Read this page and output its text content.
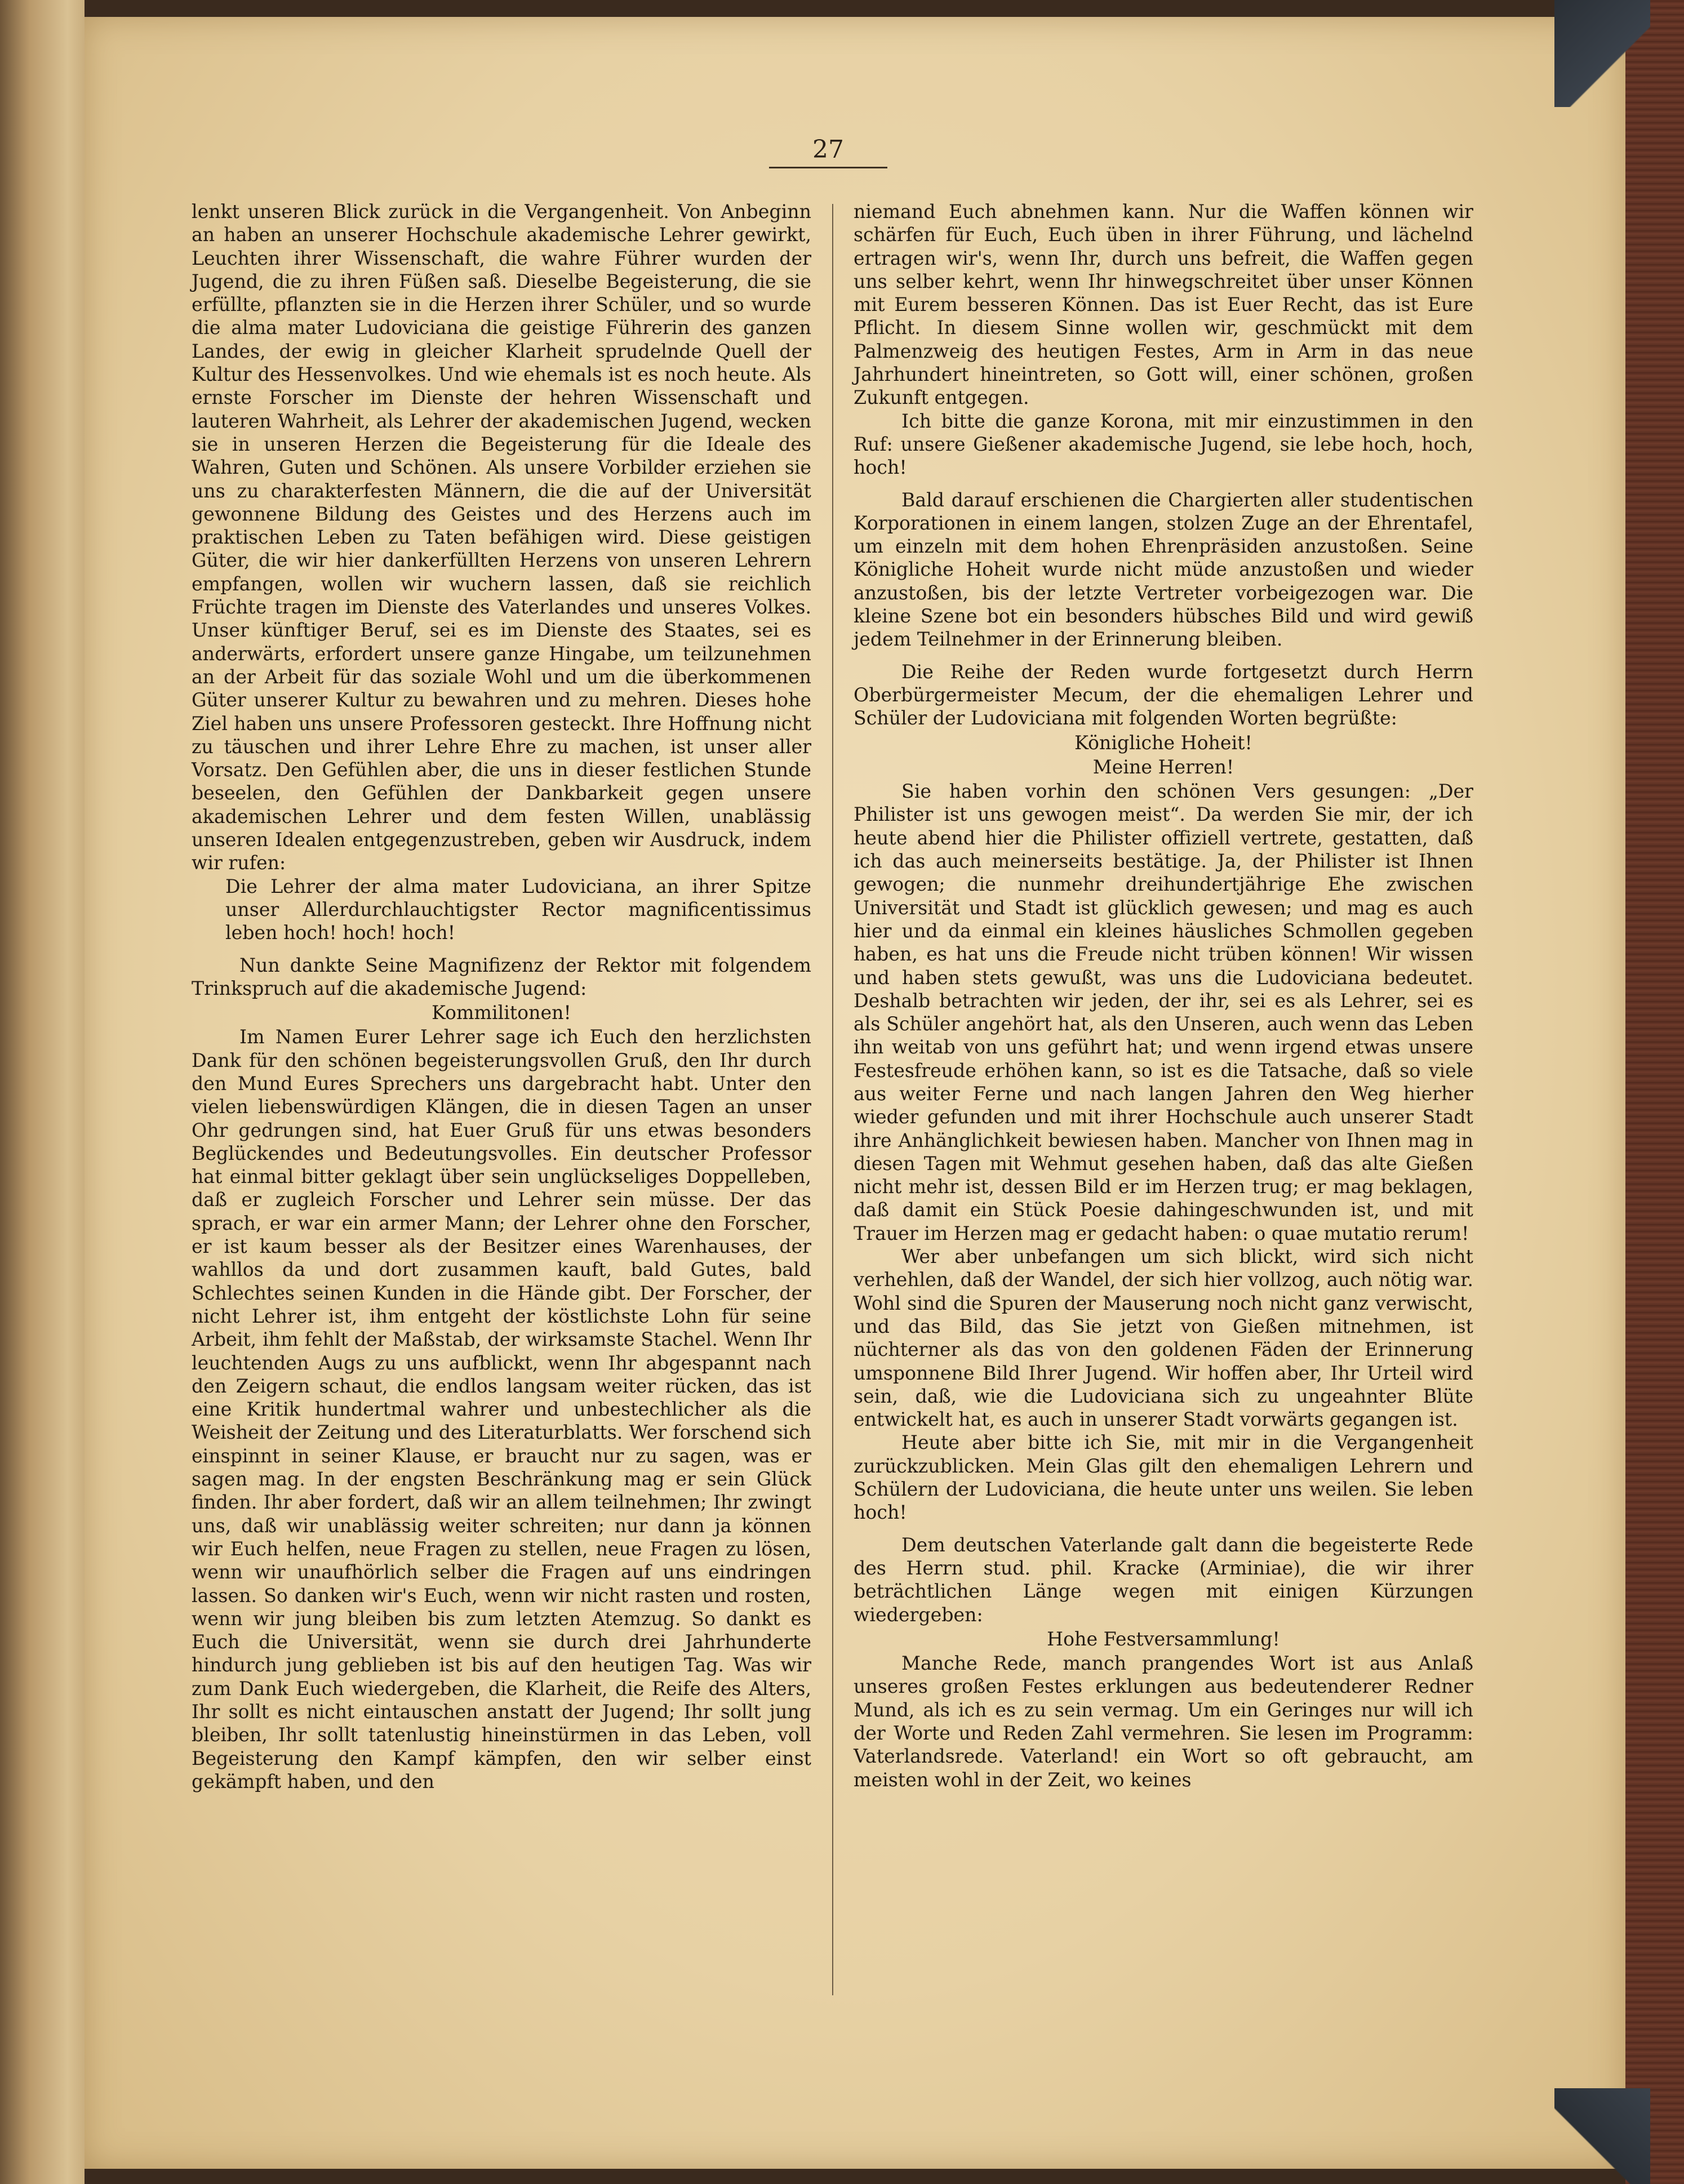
27

lenkt unseren Blick zurück in die Vergangenheit. Von Anbeginn an haben an unserer Hochschule akademische Lehrer gewirkt, Leuchten ihrer Wissenschaft, die wahre Führer wurden der Jugend, die zu ihren Füßen saß. Dieselbe Begeisterung, die sie erfüllte, pflanzten sie in die Herzen ihrer Schüler, und so wurde die alma mater Ludoviciana die geistige Führerin des ganzen Landes, der ewig in gleicher Klarheit sprudelnde Quell der Kultur des Hessenvolkes. Und wie ehemals ist es noch heute. Als ernste Forscher im Dienste der hehren Wissenschaft und lauteren Wahrheit, als Lehrer der akademischen Jugend, wecken sie in unseren Herzen die Begeisterung für die Ideale des Wahren, Guten und Schönen. Als unsere Vorbilder erziehen sie uns zu charakterfesten Männern, die die auf der Universität gewonnene Bildung des Geistes und des Herzens auch im praktischen Leben zu Taten befähigen wird. Diese geistigen Güter, die wir hier dankerfüllten Herzens von unseren Lehrern empfangen, wollen wir wuchern lassen, daß sie reichlich Früchte tragen im Dienste des Vaterlandes und unseres Volkes. Unser künftiger Beruf, sei es im Dienste des Staates, sei es anderwärts, erfordert unsere ganze Hingabe, um teilzunehmen an der Arbeit für das soziale Wohl und um die überkommenen Güter unserer Kultur zu bewahren und zu mehren. Dieses hohe Ziel haben uns unsere Professoren gesteckt. Ihre Hoffnung nicht zu täuschen und ihrer Lehre Ehre zu machen, ist unser aller Vorsatz. Den Gefühlen aber, die uns in dieser festlichen Stunde beseelen, den Gefühlen der Dankbarkeit gegen unsere akademischen Lehrer und dem festen Willen, unablässig unseren Idealen entgegenzustreben, geben wir Ausdruck, indem wir rufen:

Die Lehrer der alma mater Ludoviciana, an ihrer Spitze unser Allerdurchlauchtigster Rector magnificentissimus leben hoch! hoch! hoch!

Nun dankte Seine Magnifizenz der Rektor mit folgendem Trinkspruch auf die akademische Jugend:

Kommilitonen!

Im Namen Eurer Lehrer sage ich Euch den herzlichsten Dank für den schönen begeisterungsvollen Gruß, den Ihr durch den Mund Eures Sprechers uns dargebracht habt. Unter den vielen liebenswürdigen Klängen, die in diesen Tagen an unser Ohr gedrungen sind, hat Euer Gruß für uns etwas besonders Beglückendes und Bedeutungsvolles. Ein deutscher Professor hat einmal bitter geklagt über sein unglückseliges Doppelleben, daß er zugleich Forscher und Lehrer sein müsse. Der das sprach, er war ein armer Mann; der Lehrer ohne den Forscher, er ist kaum besser als der Besitzer eines Warenhauses, der wahllos da und dort zusammen kauft, bald Gutes, bald Schlechtes seinen Kunden in die Hände gibt. Der Forscher, der nicht Lehrer ist, ihm entgeht der köstlichste Lohn für seine Arbeit, ihm fehlt der Maßstab, der wirksamste Stachel. Wenn Ihr leuchtenden Augs zu uns aufblickt, wenn Ihr abgespannt nach den Zeigern schaut, die endlos langsam weiter rücken, das ist eine Kritik hundertmal wahrer und unbestechlicher als die Weisheit der Zeitung und des Literaturblatts. Wer forschend sich einspinnt in seiner Klause, er braucht nur zu sagen, was er sagen mag. In der engsten Beschränkung mag er sein Glück finden. Ihr aber fordert, daß wir an allem teilnehmen; Ihr zwingt uns, daß wir unablässig weiter schreiten; nur dann ja können wir Euch helfen, neue Fragen zu stellen, neue Fragen zu lösen, wenn wir unaufhörlich selber die Fragen auf uns eindringen lassen. So danken wir's Euch, wenn wir nicht rasten und rosten, wenn wir jung bleiben bis zum letzten Atemzug. So dankt es Euch die Universität, wenn sie durch drei Jahrhunderte hindurch jung geblieben ist bis auf den heutigen Tag. Was wir zum Dank Euch wiedergeben, die Klarheit, die Reife des Alters, Ihr sollt es nicht eintauschen anstatt der Jugend; Ihr sollt jung bleiben, Ihr sollt tatenlustig hineinstürmen in das Leben, voll Begeisterung den Kampf kämpfen, den wir selber einst gekämpft haben, und den

niemand Euch abnehmen kann. Nur die Waffen können wir schärfen für Euch, Euch üben in ihrer Führung, und lächelnd ertragen wir's, wenn Ihr, durch uns befreit, die Waffen gegen uns selber kehrt, wenn Ihr hinwegschreitet über unser Können mit Eurem besseren Können. Das ist Euer Recht, das ist Eure Pflicht. In diesem Sinne wollen wir, geschmückt mit dem Palmenzweig des heutigen Festes, Arm in Arm in das neue Jahrhundert hineintreten, so Gott will, einer schönen, großen Zukunft entgegen.

Ich bitte die ganze Korona, mit mir einzustimmen in den Ruf: unsere Gießener akademische Jugend, sie lebe hoch, hoch, hoch!

Bald darauf erschienen die Chargierten aller studentischen Korporationen in einem langen, stolzen Zuge an der Ehrentafel, um einzeln mit dem hohen Ehrenpräsiden anzustoßen. Seine Königliche Hoheit wurde nicht müde anzustoßen und wieder anzustoßen, bis der letzte Vertreter vorbeigezogen war. Die kleine Szene bot ein besonders hübsches Bild und wird gewiß jedem Teilnehmer in der Erinnerung bleiben.

Die Reihe der Reden wurde fortgesetzt durch Herrn Oberbürgermeister Mecum, der die ehemaligen Lehrer und Schüler der Ludoviciana mit folgenden Worten begrüßte:

Königliche Hoheit!

Meine Herren!

Sie haben vorhin den schönen Vers gesungen: „Der Philister ist uns gewogen meist“. Da werden Sie mir, der ich heute abend hier die Philister offiziell vertrete, gestatten, daß ich das auch meinerseits bestätige. Ja, der Philister ist Ihnen gewogen; die nunmehr dreihundertjährige Ehe zwischen Universität und Stadt ist glücklich gewesen; und mag es auch hier und da einmal ein kleines häusliches Schmollen gegeben haben, es hat uns die Freude nicht trüben können! Wir wissen und haben stets gewußt, was uns die Ludoviciana bedeutet. Deshalb betrachten wir jeden, der ihr, sei es als Lehrer, sei es als Schüler angehört hat, als den Unseren, auch wenn das Leben ihn weitab von uns geführt hat; und wenn irgend etwas unsere Festesfreude erhöhen kann, so ist es die Tatsache, daß so viele aus weiter Ferne und nach langen Jahren den Weg hierher wieder gefunden und mit ihrer Hochschule auch unserer Stadt ihre Anhänglichkeit bewiesen haben. Mancher von Ihnen mag in diesen Tagen mit Wehmut gesehen haben, daß das alte Gießen nicht mehr ist, dessen Bild er im Herzen trug; er mag beklagen, daß damit ein Stück Poesie dahingeschwunden ist, und mit Trauer im Herzen mag er gedacht haben: o quae mutatio rerum!

Wer aber unbefangen um sich blickt, wird sich nicht verhehlen, daß der Wandel, der sich hier vollzog, auch nötig war. Wohl sind die Spuren der Mauserung noch nicht ganz verwischt, und das Bild, das Sie jetzt von Gießen mitnehmen, ist nüchterner als das von den goldenen Fäden der Erinnerung umsponnene Bild Ihrer Jugend. Wir hoffen aber, Ihr Urteil wird sein, daß, wie die Ludoviciana sich zu ungeahnter Blüte entwickelt hat, es auch in unserer Stadt vorwärts gegangen ist.

Heute aber bitte ich Sie, mit mir in die Vergangenheit zurückzublicken. Mein Glas gilt den ehemaligen Lehrern und Schülern der Ludoviciana, die heute unter uns weilen. Sie leben hoch!

Dem deutschen Vaterlande galt dann die begeisterte Rede des Herrn stud. phil. Kracke (Arminiae), die wir ihrer beträchtlichen Länge wegen mit einigen Kürzungen wiedergeben:

Hohe Festversammlung!

Manche Rede, manch prangendes Wort ist aus Anlaß unseres großen Festes erklungen aus bedeutenderer Redner Mund, als ich es zu sein vermag. Um ein Geringes nur will ich der Worte und Reden Zahl vermehren. Sie lesen im Programm: Vaterlandsrede. Vaterland! ein Wort so oft gebraucht, am meisten wohl in der Zeit, wo keines
